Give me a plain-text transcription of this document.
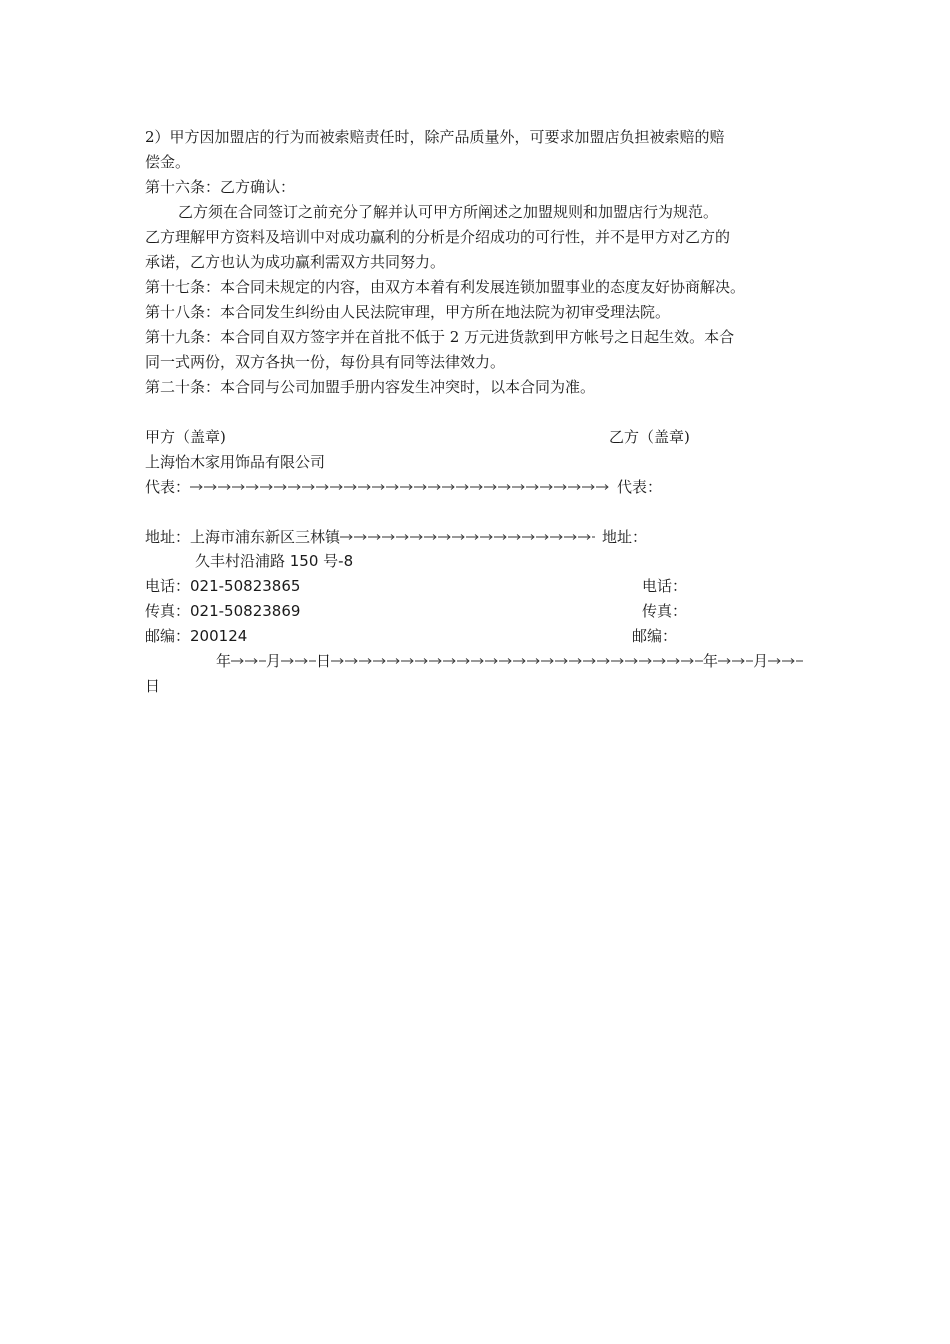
2）甲方因加盟店的行为而被索赔责任时，除产品质量外，可要求加盟店负担被索赔的赔

偿金。

第十六条：乙方确认：

乙方须在合同签订之前充分了解并认可甲方所阐述之加盟规则和加盟店行为规范。

乙方理解甲方资料及培训中对成功赢利的分析是介绍成功的可行性，并不是甲方对乙方的

承诺，乙方也认为成功赢利需双方共同努力。

第十七条：本合同未规定的内容，由双方本着有利发展连锁加盟事业的态度友好协商解决。

第十八条：本合同发生纠纷由人民法院审理，甲方所在地法院为初审受理法院。

第十九条：本合同自双方签字并在首批不低于 2 万元进货款到甲方帐号之日起生效。本合

同一式两份，双方各执一份，每份具有同等法律效力。

第二十条：本合同与公司加盟手册内容发生冲突时，以本合同为准。

甲方（盖章)	乙方（盖章)

上海怡木家用饰品有限公司

代表：	代表：
地址：上海市浦东新区三林镇	地址：

久丰村沿浦路 150 号-8

电话：021-50823865	电话：

传真：021-50823869	传真：

邮编：200124	邮编：

年 月 日	年 月

日
